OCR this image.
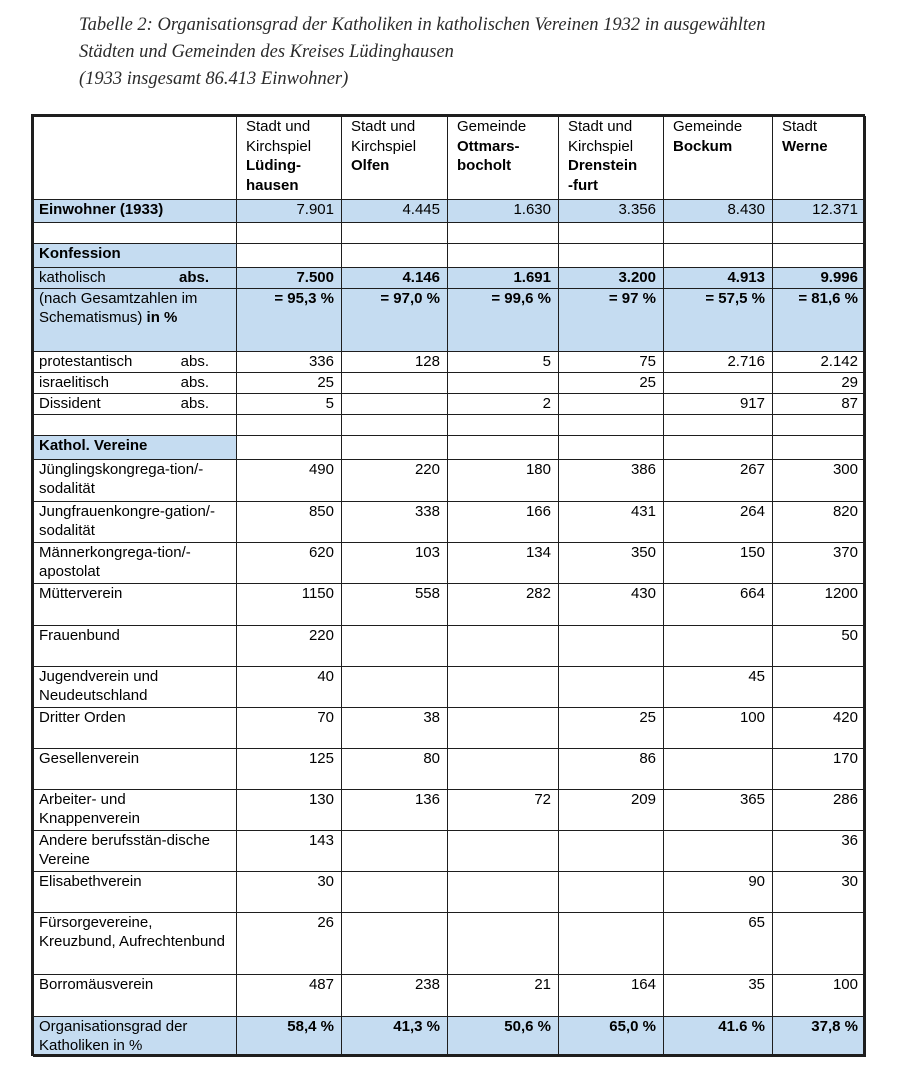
Tabelle 2: Organisationsgrad der Katholiken in katholischen Vereinen 1932 in ausgewählten
Städten und Gemeinden des Kreises Lüdinghausen
(1933 insgesamt 86.413 Einwohner)

	Stadt und
Kirchspiel
Lüding-
hausen	Stadt und
Kirchspiel
Olfen	Gemeinde
Ottmars-
bocholt	Stadt und
Kirchspiel
Drenstein
-furt	Gemeinde
Bockum	Stadt
Werne

Einwohner (1933)	7.901	4.445	1.630	3.356	8.430	12.371

Konfession						

katholisch abs.	7.500	4.146	1.691	3.200	4.913	9.996
(nach Gesamtzahlen im Schematismus) in %	= 95,3 %	= 97,0 %	= 99,6 %	= 97 %	= 57,5 %	= 81,6 %

protestantisch abs.	336	128	5	75	2.716	2.142

israelitisch abs.	25			25		29

Dissident abs.	5		2		917	87

Kathol. Vereine						
Jünglingskongrega-tion/-sodalität	490	220	180	386	267	300
Jungfrauenkongre-gation/-sodalität	850	338	166	431	264	820
Männerkongrega-tion/-apostolat	620	103	134	350	150	370
Mütterverein	1150	558	282	430	664	1200
Frauenbund	220					50
Jugendverein und Neudeutschland	40				45	
Dritter Orden	70	38		25	100	420
Gesellenverein	125	80		86		170
Arbeiter- und Knappenverein	130	136	72	209	365	286
Andere berufsstän-dische Vereine	143					36
Elisabethverein	30				90	30
Fürsorgevereine, Kreuzbund, Aufrechtenbund	26				65	
Borromäusverein	487	238	21	164	35	100
Organisationsgrad der Katholiken in %	58,4 %	41,3 %	50,6 %	65,0 %	41.6 %	37,8 %
